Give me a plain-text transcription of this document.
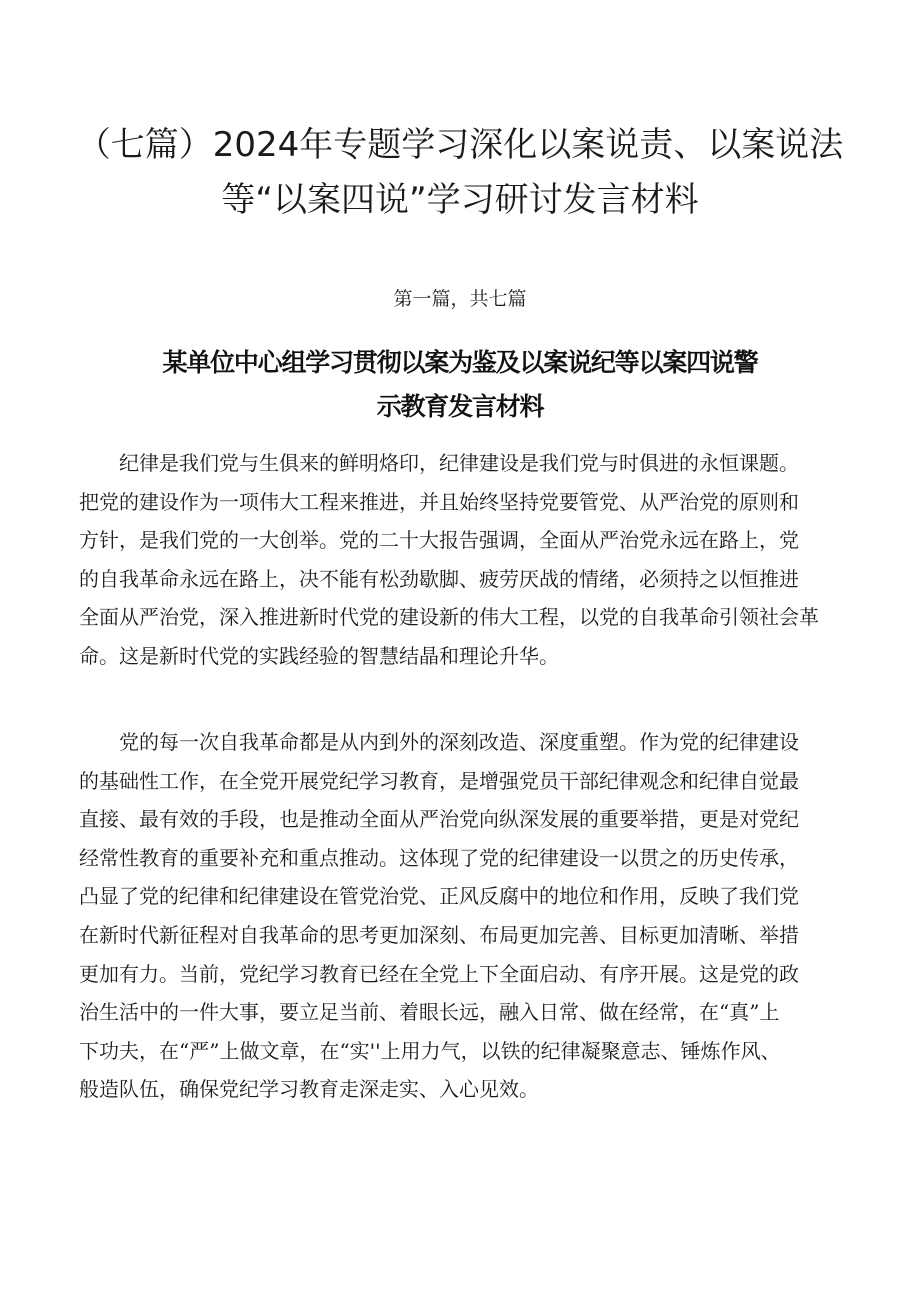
（七篇）2024年专题学习深化以案说责、以案说法
等“以案四说”学习研讨发言材料
第一篇，共七篇
某单位中心组学习贯彻以案为鉴及以案说纪等以案四说警
示教育发言材料

　　纪律是我们党与生俱来的鲜明烙印，纪律建设是我们党与时俱进的永恒课题。
把党的建设作为一项伟大工程来推进，并且始终坚持党要管党、从严治党的原则和
方针，是我们党的一大创举。党的二十大报告强调，全面从严治党永远在路上，党
的自我革命永远在路上，决不能有松劲歇脚、疲劳厌战的情绪，必须持之以恒推进
全面从严治党，深入推进新时代党的建设新的伟大工程，以党的自我革命引领社会革
命。这是新时代党的实践经验的智慧结晶和理论升华。

　　党的每一次自我革命都是从内到外的深刻改造、深度重塑。作为党的纪律建设
的基础性工作，在全党开展党纪学习教育，是增强党员干部纪律观念和纪律自觉最
直接、最有效的手段，也是推动全面从严治党向纵深发展的重要举措，更是对党纪
经常性教育的重要补充和重点推动。这体现了党的纪律建设一以贯之的历史传承，
凸显了党的纪律和纪律建设在管党治党、正风反腐中的地位和作用，反映了我们党
在新时代新征程对自我革命的思考更加深刻、布局更加完善、目标更加清晰、举措
更加有力。当前，党纪学习教育已经在全党上下全面启动、有序开展。这是党的政
治生活中的一件大事，要立足当前、着眼长远，融入日常、做在经常，在“真”上
下功夫，在“严”上做文章，在“实''上用力气，以铁的纪律凝聚意志、锤炼作风、
般造队伍，确保党纪学习教育走深走实、入心见效。
